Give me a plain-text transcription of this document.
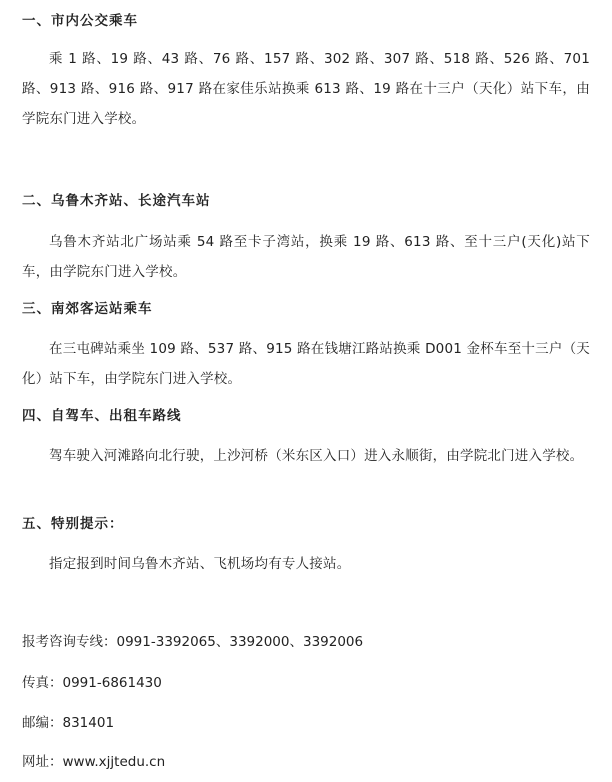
一、市内公交乘车
乘 1 路、19 路、43 路、76 路、157 路、302 路、307 路、518 路、526 路、701 路、913 路、916 路、917 路在家佳乐站换乘 613 路、19 路在十三户（天化）站下车，由学院东门进入学校。
二、乌鲁木齐站、长途汽车站
乌鲁木齐站北广场站乘 54 路至卡子湾站，换乘 19 路、613 路、至十三户(天化)站下车，由学院东门进入学校。
三、南郊客运站乘车
在三屯碑站乘坐 109 路、537 路、915 路在钱塘江路站换乘 D001 金杯车至十三户（天化）站下车，由学院东门进入学校。
四、自驾车、出租车路线
驾车驶入河滩路向北行驶，上沙河桥（米东区入口）进入永顺街，由学院北门进入学校。
五、特别提示：
指定报到时间乌鲁木齐站、飞机场均有专人接站。
报考咨询专线：0991-3392065、3392000、3392006
传真：0991-6861430
邮编：831401
网址：www.xjjtedu.cn
